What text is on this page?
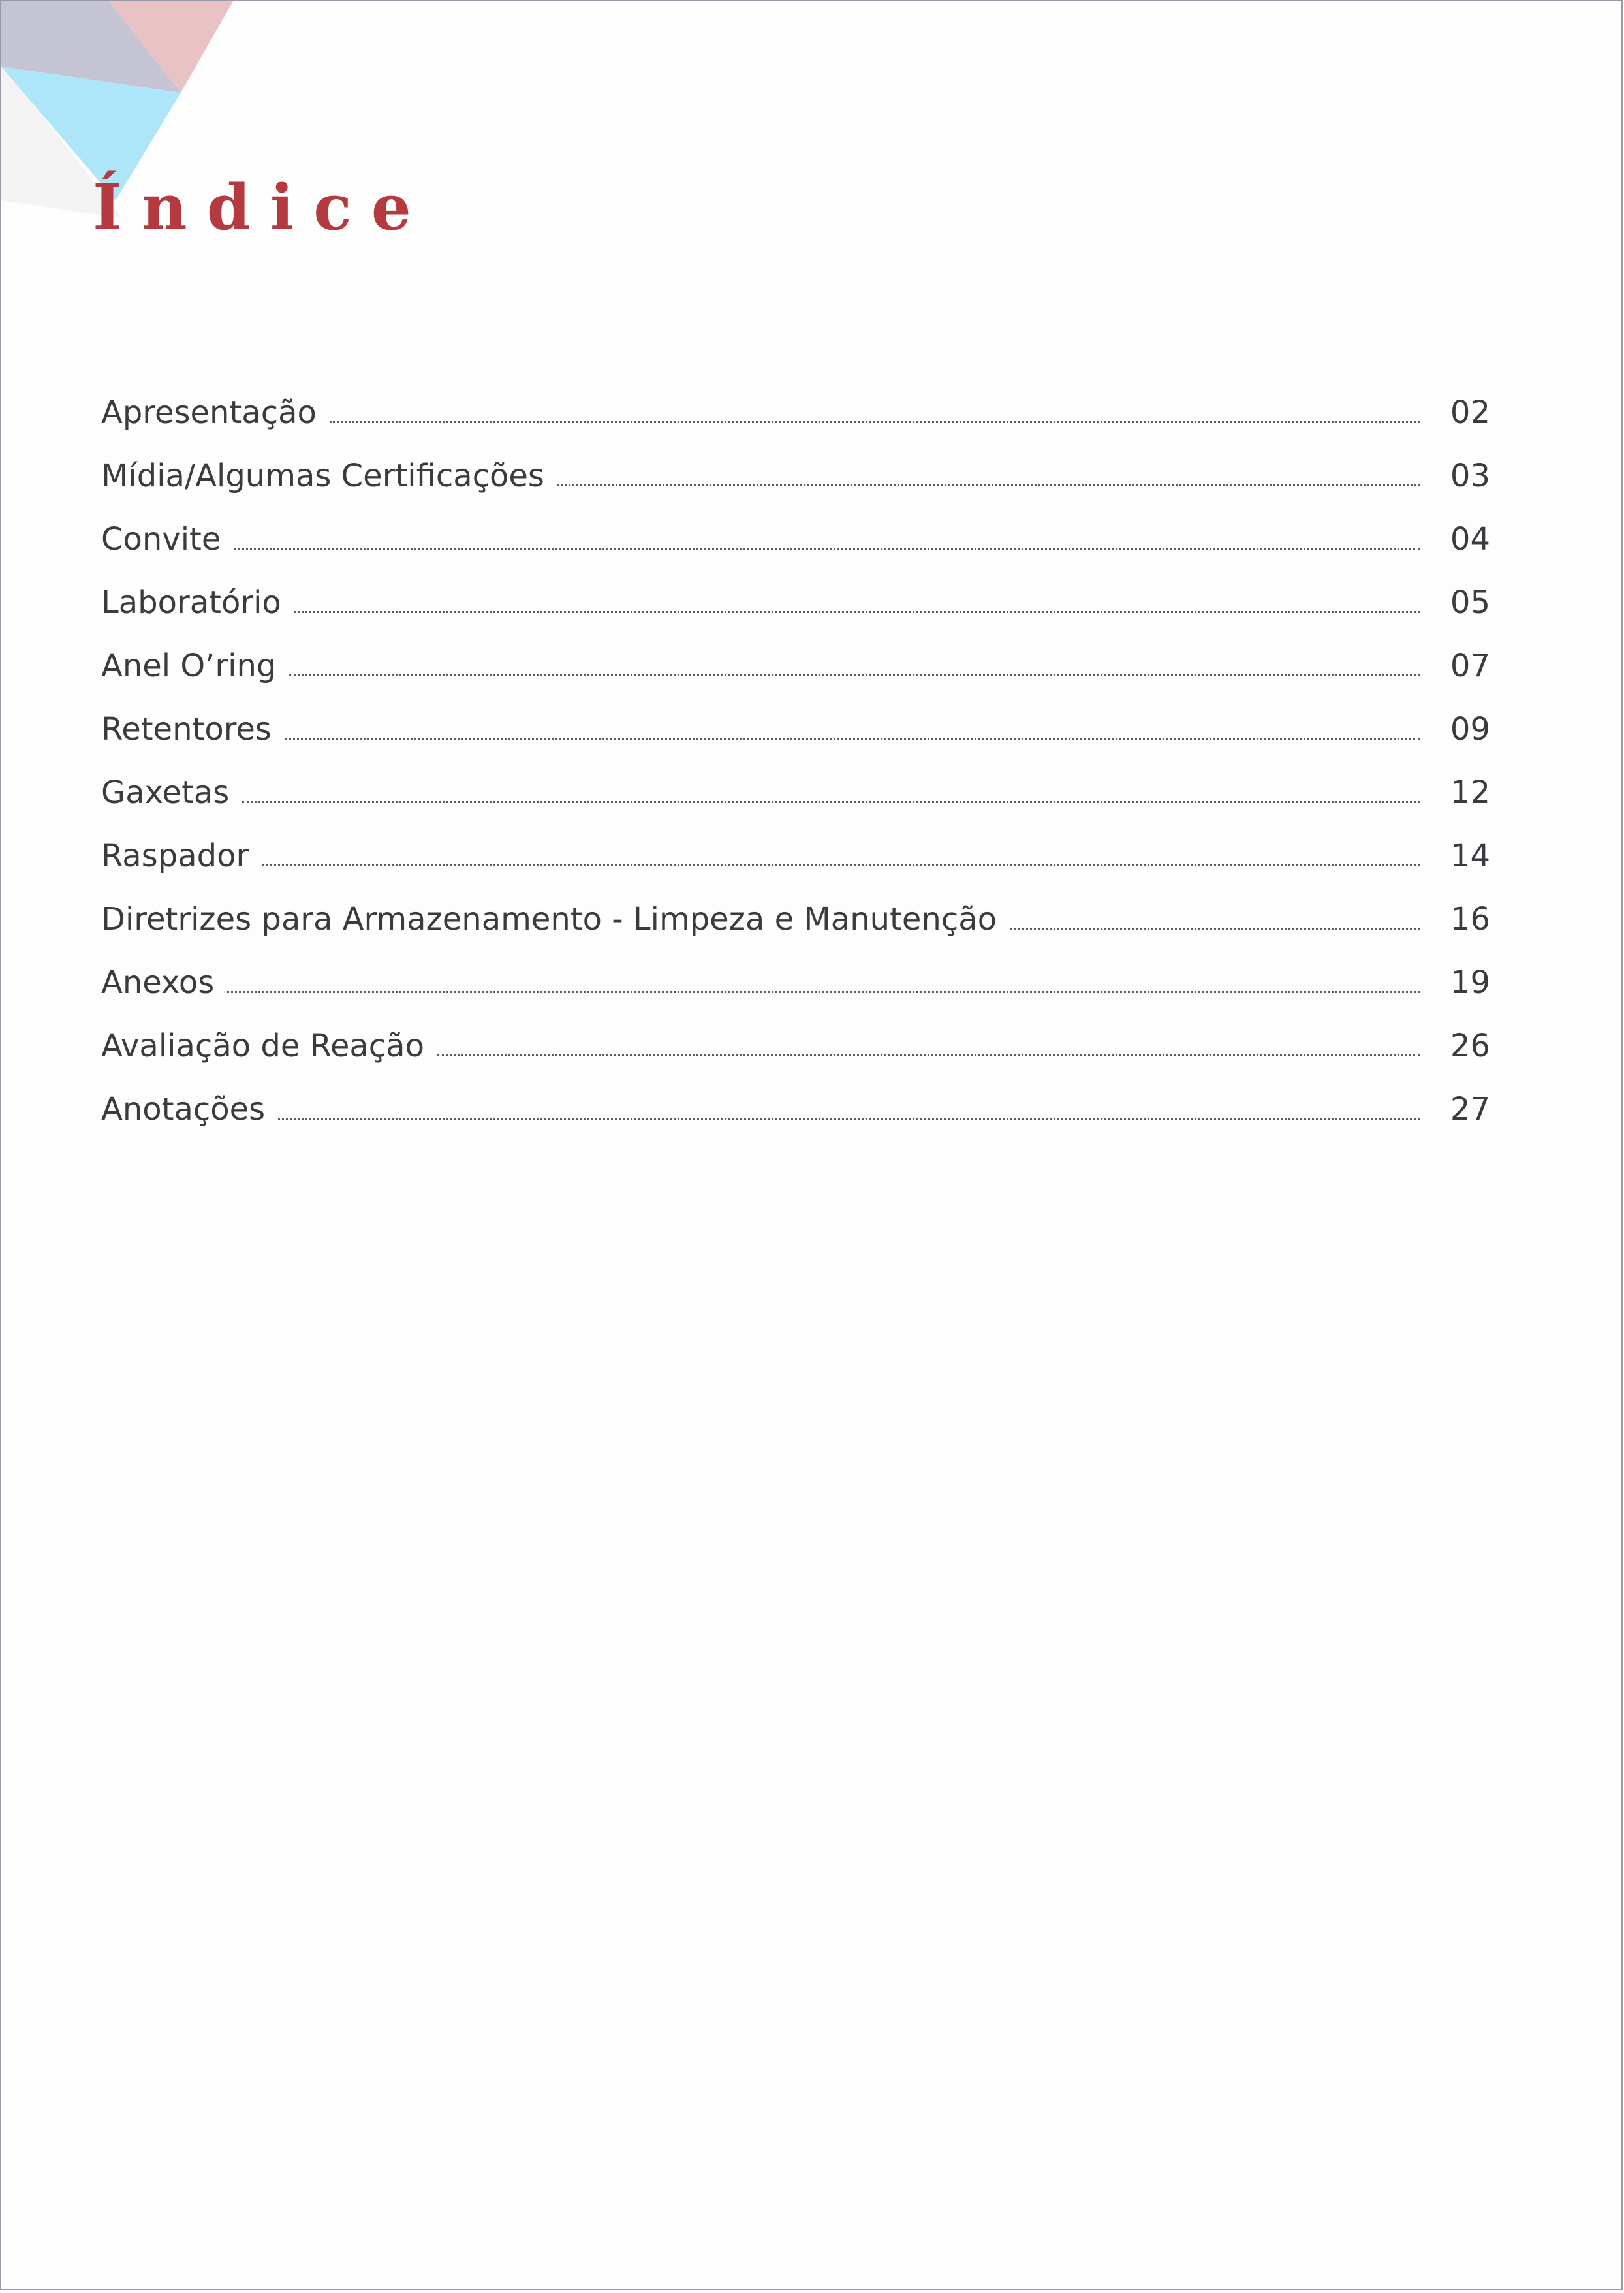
Índice
Apresentação	02
Mídia/Algumas Certificações	03
Convite	04
Laboratório	05
Anel O’ring	07
Retentores	09
Gaxetas	12
Raspador	14
Diretrizes para Armazenamento - Limpeza e Manutenção	16
Anexos	19
Avaliação de Reação	26
Anotações	27
